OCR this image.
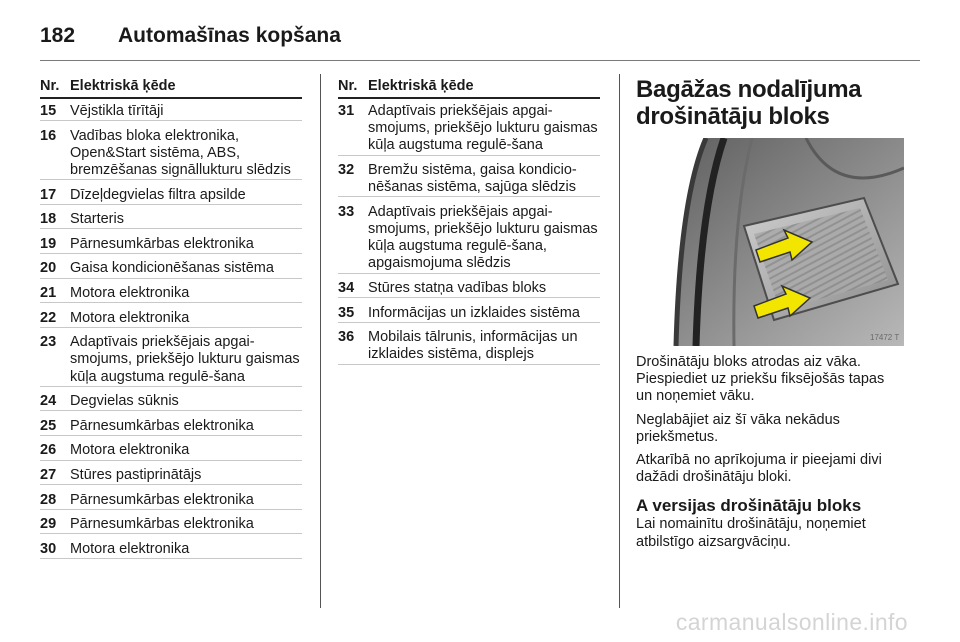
182	Automašīnas kopšana
Nr. Elektriskā ķēde
15 Vējstikla tīrītāji
16 Vadības bloka elektronika, Open&Start sistēma, ABS, bremzēšanas signāllukturu slēdzis
17 Dīzeļdegvielas filtra apsilde
18 Starteris
19 Pārnesumkārbas elektronika
20 Gaisa kondicionēšanas sistēma
21 Motora elektronika
22 Motora elektronika
23 Adaptīvais priekšējais apgai-smojums, priekšējo lukturu gaismas kūļa augstuma regulē-šana
24 Degvielas sūknis
25 Pārnesumkārbas elektronika
26 Motora elektronika
27 Stūres pastiprinātājs
28 Pārnesumkārbas elektronika
29 Pārnesumkārbas elektronika
30 Motora elektronika
Nr. Elektriskā ķēde
31 Adaptīvais priekšējais apgai-smojums, priekšējo lukturu gaismas kūļa augstuma regulē-šana
32 Bremžu sistēma, gaisa kondicio-nēšanas sistēma, sajūga slēdzis
33 Adaptīvais priekšējais apgai-smojums, priekšējo lukturu gaismas kūļa augstuma regulē-šana, apgaismojuma slēdzis
34 Stūres statņa vadības bloks
35 Informācijas un izklaides sistēma
36 Mobilais tālrunis, informācijas un izklaides sistēma, displejs
Bagāžas nodalījuma drošinātāju bloks
17472 T

Drošinātāju bloks atrodas aiz vāka. Piespiediet uz priekšu fiksējošās tapas un noņemiet vāku.

Neglabājiet aiz šī vāka nekādus priekšmetus.

Atkarībā no aprīkojuma ir pieejami divi dažādi drošinātāju bloki.

A versijas drošinātāju bloks

Lai nomainītu drošinātāju, noņemiet atbilstīgo aizsargvāciņu.

carmanualsonline.info
